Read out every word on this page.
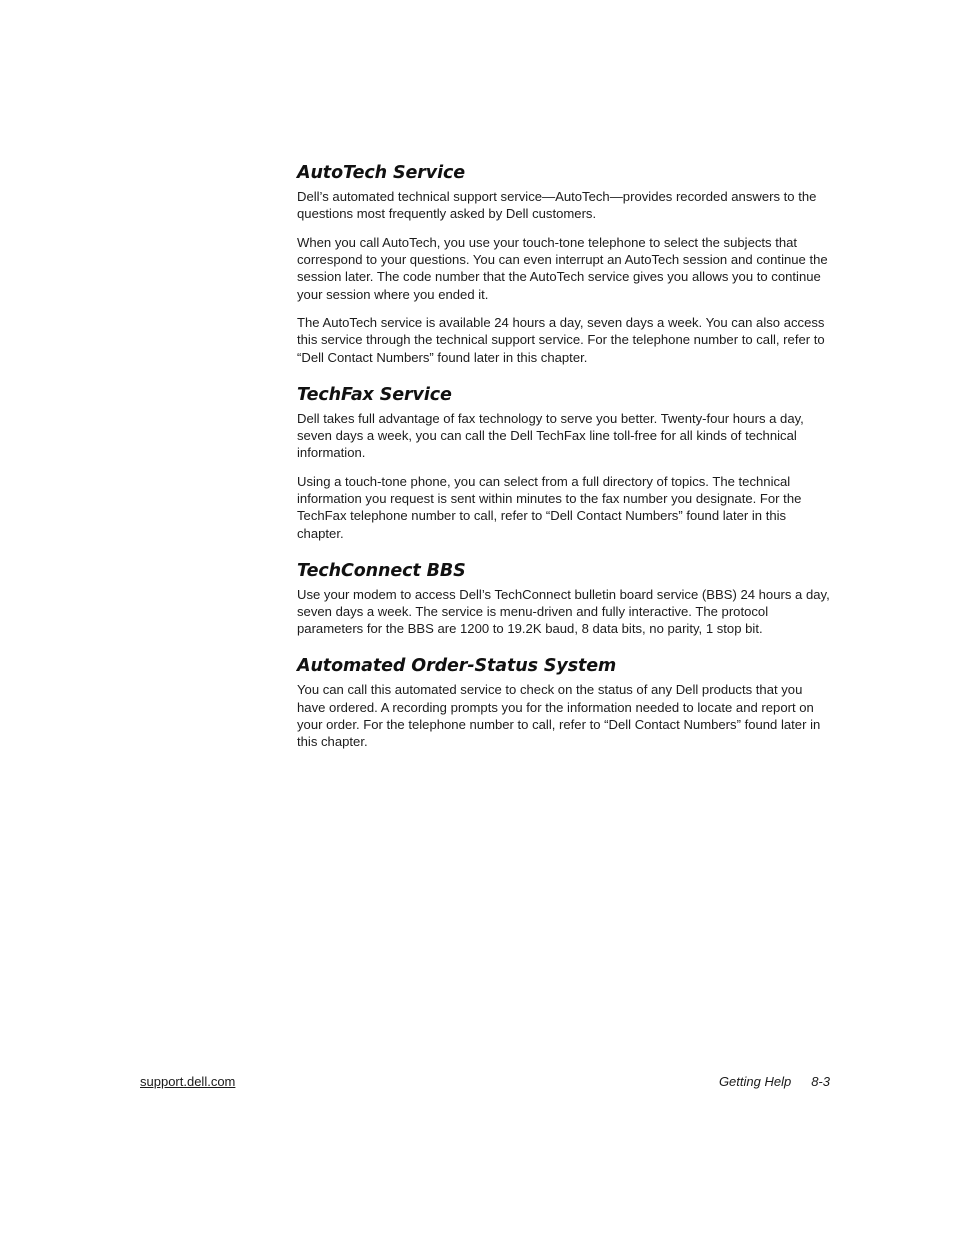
AutoTech Service

Dell’s automated technical support service—AutoTech—provides recorded answers to the questions most frequently asked by Dell customers.

When you call AutoTech, you use your touch-tone telephone to select the subjects that correspond to your questions. You can even interrupt an AutoTech session and continue the session later. The code number that the AutoTech service gives you allows you to continue your session where you ended it.

The AutoTech service is available 24 hours a day, seven days a week. You can also access this service through the technical support service. For the telephone number to call, refer to “Dell Contact Numbers” found later in this chapter.

TechFax Service

Dell takes full advantage of fax technology to serve you better. Twenty-four hours a day, seven days a week, you can call the Dell TechFax line toll-free for all kinds of technical information.

Using a touch-tone phone, you can select from a full directory of topics. The technical information you request is sent within minutes to the fax number you designate. For the TechFax telephone number to call, refer to “Dell Contact Numbers” found later in this chapter.

TechConnect BBS

Use your modem to access Dell’s TechConnect bulletin board service (BBS) 24 hours a day, seven days a week. The service is menu-driven and fully interactive. The protocol parameters for the BBS are 1200 to 19.2K baud, 8 data bits, no parity, 1 stop bit.

Automated Order-Status System

You can call this automated service to check on the status of any Dell products that you have ordered. A recording prompts you for the information needed to locate and report on your order. For the telephone number to call, refer to “Dell Contact Numbers” found later in this chapter.

support.dell.com	Getting Help 8-3
